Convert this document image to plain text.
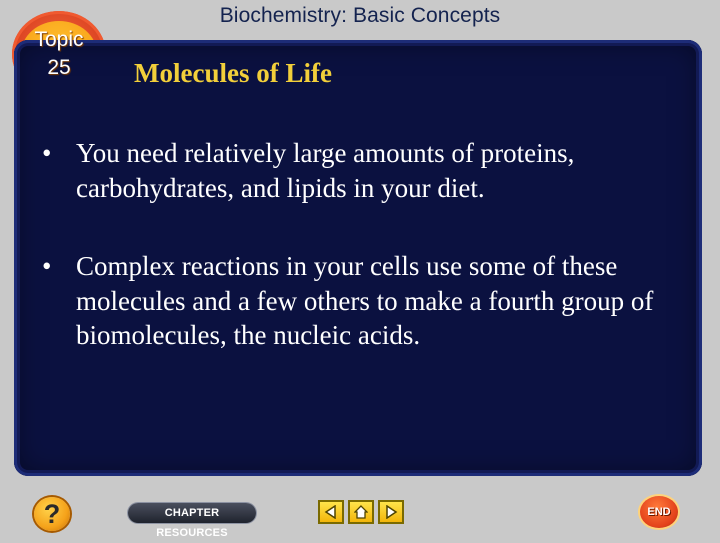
Topic
25
Biochemistry: Basic Concepts
Molecules of Life
• You need relatively large amounts of proteins, carbohydrates, and lipids in your diet.
• Complex reactions in your cells use some of these molecules and a few others to make a fourth group of biomolecules, the nucleic acids.
?	CHAPTER RESOURCES
END
